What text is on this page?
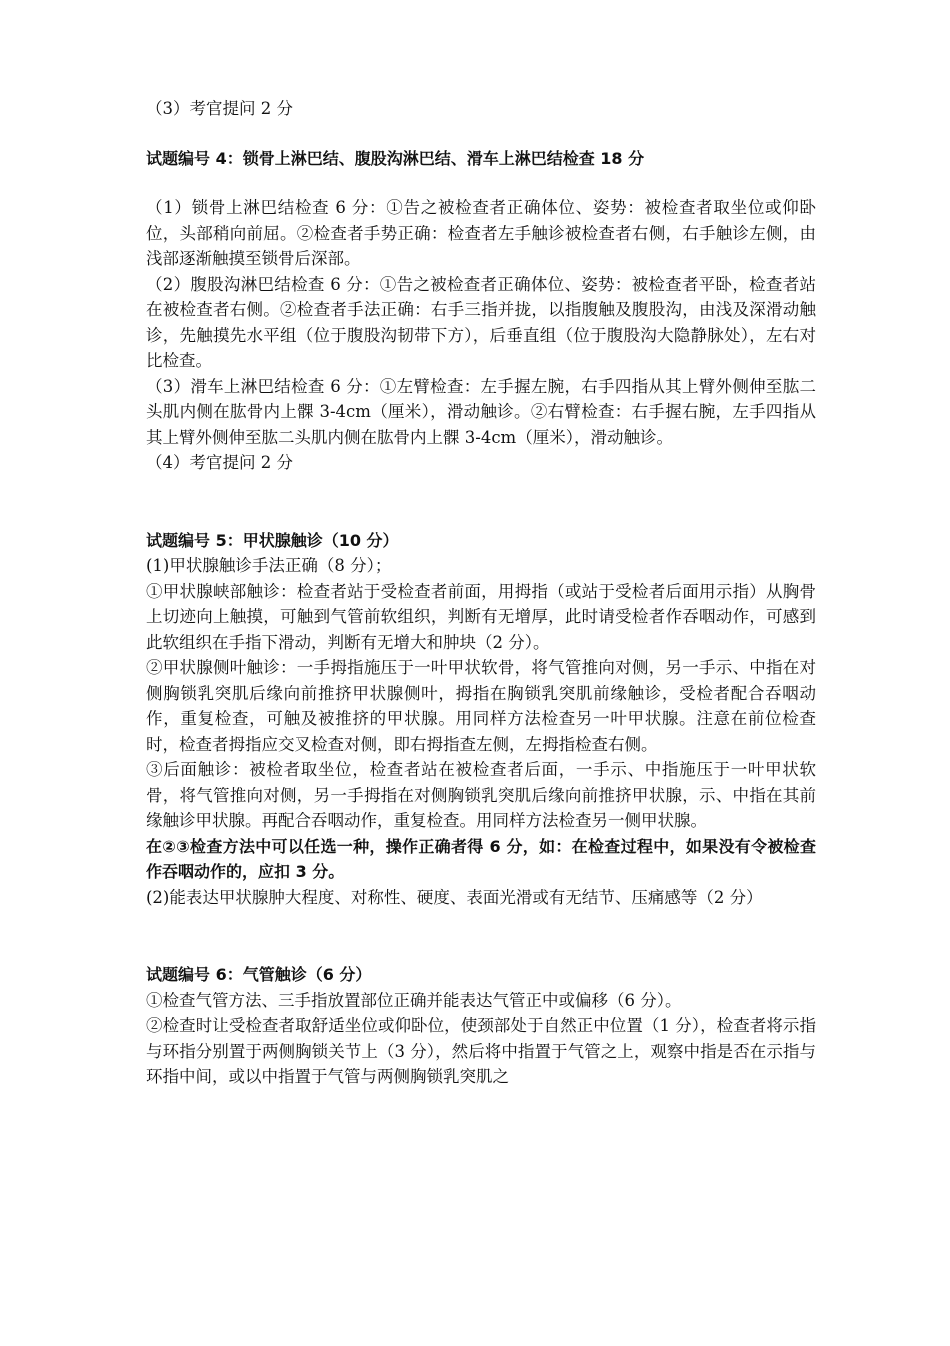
（3）考官提问 2 分

试题编号 4：锁骨上淋巴结、腹股沟淋巴结、滑车上淋巴结检查 18 分

（1）锁骨上淋巴结检查 6 分：①告之被检查者正确体位、姿势：被检查者取坐位或仰卧位，头部稍向前屈。②检查者手势正确：检查者左手触诊被检查者右侧，右手触诊左侧，由浅部逐渐触摸至锁骨后深部。

（2）腹股沟淋巴结检查 6 分：①告之被检查者正确体位、姿势：被检查者平卧，检查者站在被检查者右侧。②检查者手法正确：右手三指并拢，以指腹触及腹股沟，由浅及深滑动触诊，先触摸先水平组（位于腹股沟韧带下方），后垂直组（位于腹股沟大隐静脉处），左右对比检查。

（3）滑车上淋巴结检查 6 分：①左臂检查：左手握左腕，右手四指从其上臂外侧伸至肱二头肌内侧在肱骨内上髁 3-4cm（厘米），滑动触诊。②右臂检查：右手握右腕，左手四指从其上臂外侧伸至肱二头肌内侧在肱骨内上髁 3-4cm（厘米），滑动触诊。

（4）考官提问 2 分

试题编号 5：甲状腺触诊（10 分）

(1)甲状腺触诊手法正确（8 分）；

①甲状腺峡部触诊：检查者站于受检查者前面，用拇指（或站于受检者后面用示指）从胸骨上切迹向上触摸，可触到气管前软组织，判断有无增厚，此时请受检者作吞咽动作，可感到此软组织在手指下滑动，判断有无增大和肿块（2 分）。

②甲状腺侧叶触诊：一手拇指施压于一叶甲状软骨，将气管推向对侧，另一手示、中指在对侧胸锁乳突肌后缘向前推挤甲状腺侧叶，拇指在胸锁乳突肌前缘触诊，受检者配合吞咽动作，重复检查，可触及被推挤的甲状腺。用同样方法检查另一叶甲状腺。注意在前位检查时，检查者拇指应交叉检查对侧，即右拇指查左侧，左拇指检查右侧。

③后面触诊：被检者取坐位，检查者站在被检查者后面，一手示、中指施压于一叶甲状软骨，将气管推向对侧，另一手拇指在对侧胸锁乳突肌后缘向前推挤甲状腺，示、中指在其前缘触诊甲状腺。再配合吞咽动作，重复检查。用同样方法检查另一侧甲状腺。

在②③检查方法中可以任选一种，操作正确者得 6 分，如：在检查过程中，如果没有令被检查作吞咽动作的，应扣 3 分。

(2)能表达甲状腺肿大程度、对称性、硬度、表面光滑或有无结节、压痛感等（2 分）

试题编号 6：气管触诊（6 分）

①检查气管方法、三手指放置部位正确并能表达气管正中或偏移（6 分）。

②检查时让受检查者取舒适坐位或仰卧位，使颈部处于自然正中位置（1 分），检查者将示指与环指分别置于两侧胸锁关节上（3 分），然后将中指置于气管之上，观察中指是否在示指与环指中间，或以中指置于气管与两侧胸锁乳突肌之
